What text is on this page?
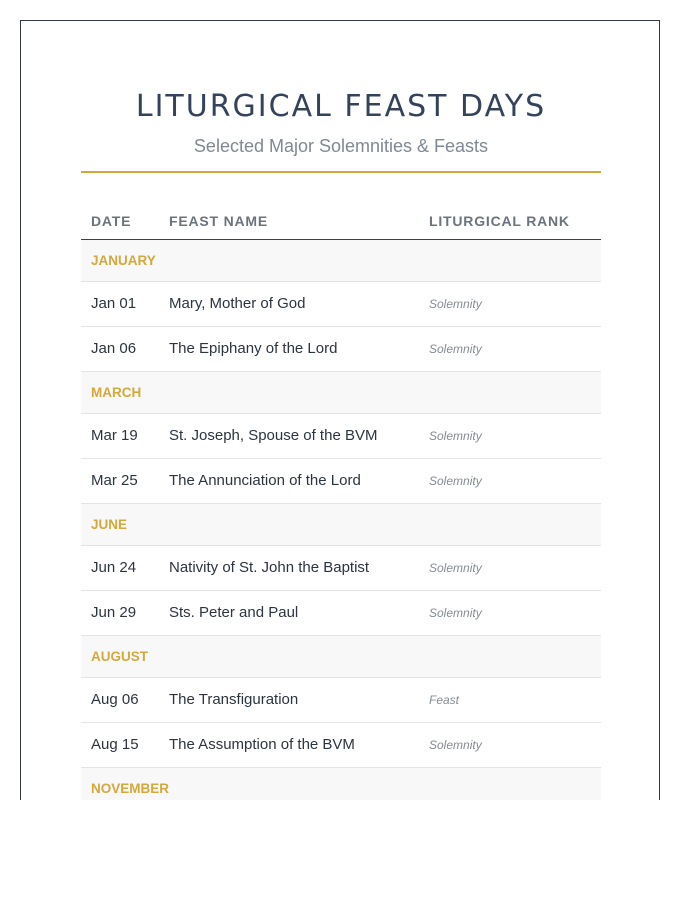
LITURGICAL FEAST DAYS
Selected Major Solemnities & Feasts
DATE	FEAST NAME	LITURGICAL RANK
JANUARY
Jan 01 Mary, Mother of God	Solemnity
Jan 06 The Epiphany of the Lord	Solemnity
MARCH
Mar 19 St. Joseph, Spouse of the BVM	Solemnity
Mar 25 The Annunciation of the Lord	Solemnity
JUNE
Jun 24 Nativity of St. John the Baptist	Solemnity
Jun 29 Sts. Peter and Paul	Solemnity
AUGUST
Aug 06 The Transfiguration	Feast
Aug 15 The Assumption of the BVM	Solemnity
NOVEMBER
